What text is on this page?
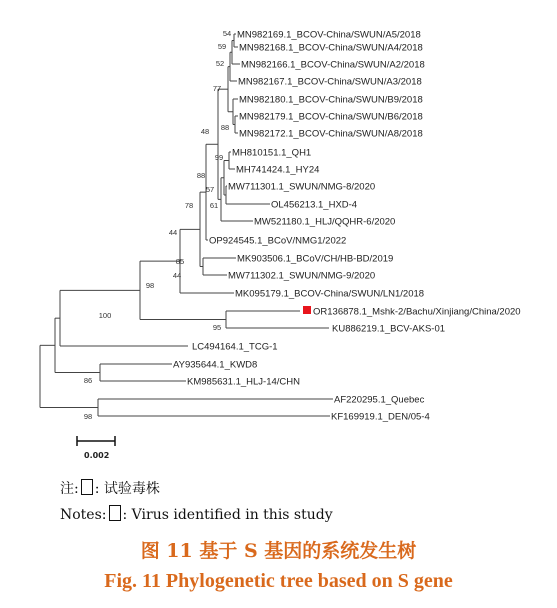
MN982169.1_BCOV-China/SWUN/A5/2018
MN982168.1_BCOV-China/SWUN/A4/2018
MN982166.1_BCOV-China/SWUN/A2/2018
MN982167.1_BCOV-China/SWUN/A3/2018
MN982180.1_BCOV-China/SWUN/B9/2018
MN982179.1_BCOV-China/SWUN/B6/2018
MN982172.1_BCOV-China/SWUN/A8/2018
MH810151.1_QH1
MH741424.1_HY24
MW711301.1_SWUN/NMG-8/2020
OL456213.1_HXD-4
MW521180.1_HLJ/QQHR-6/2020
OP924545.1_BCoV/NMG1/2022
MK903506.1_BCoV/CH/HB-BD/2019
MW711302.1_SWUN/NMG-9/2020
MK095179.1_BCOV-China/SWUN/LN1/2018
OR136878.1_Mshk-2/Bachu/Xinjiang/China/2020
KU886219.1_BCV-AKS-01
LC494164.1_TCG-1
AY935644.1_KWD8
KM985631.1_HLJ-14/CHN
AF220295.1_Quebec
KF169919.1_DEN/05-4
54
59
52
77
88
48
99
57
61
88
78
44
85
44
98
95
100
86
98
0.002
注: : 试验毒株
Notes: : Virus identified in this study
图 11 基于 S 基因的系统发生树
Fig. 11 Phylogenetic tree based on S gene
